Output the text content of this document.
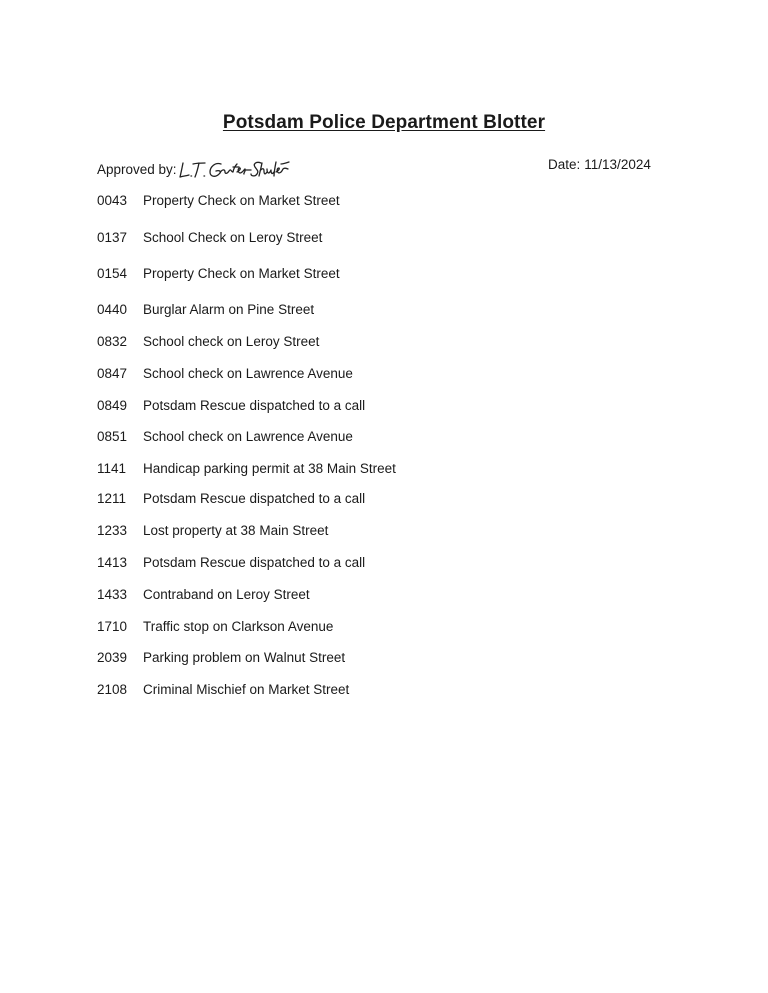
Potsdam Police Department Blotter
Approved by:	Date: 11/13/2024
0043 Property Check on Market Street
0137 School Check on Leroy Street
0154 Property Check on Market Street
0440 Burglar Alarm on Pine Street
0832 School check on Leroy Street
0847 School check on Lawrence Avenue
0849 Potsdam Rescue dispatched to a call
0851 School check on Lawrence Avenue
1141 Handicap parking permit at 38 Main Street
1211 Potsdam Rescue dispatched to a call
1233 Lost property at 38 Main Street
1413 Potsdam Rescue dispatched to a call
1433 Contraband on Leroy Street
1710 Traffic stop on Clarkson Avenue
2039 Parking problem on Walnut Street
2108 Criminal Mischief on Market Street
